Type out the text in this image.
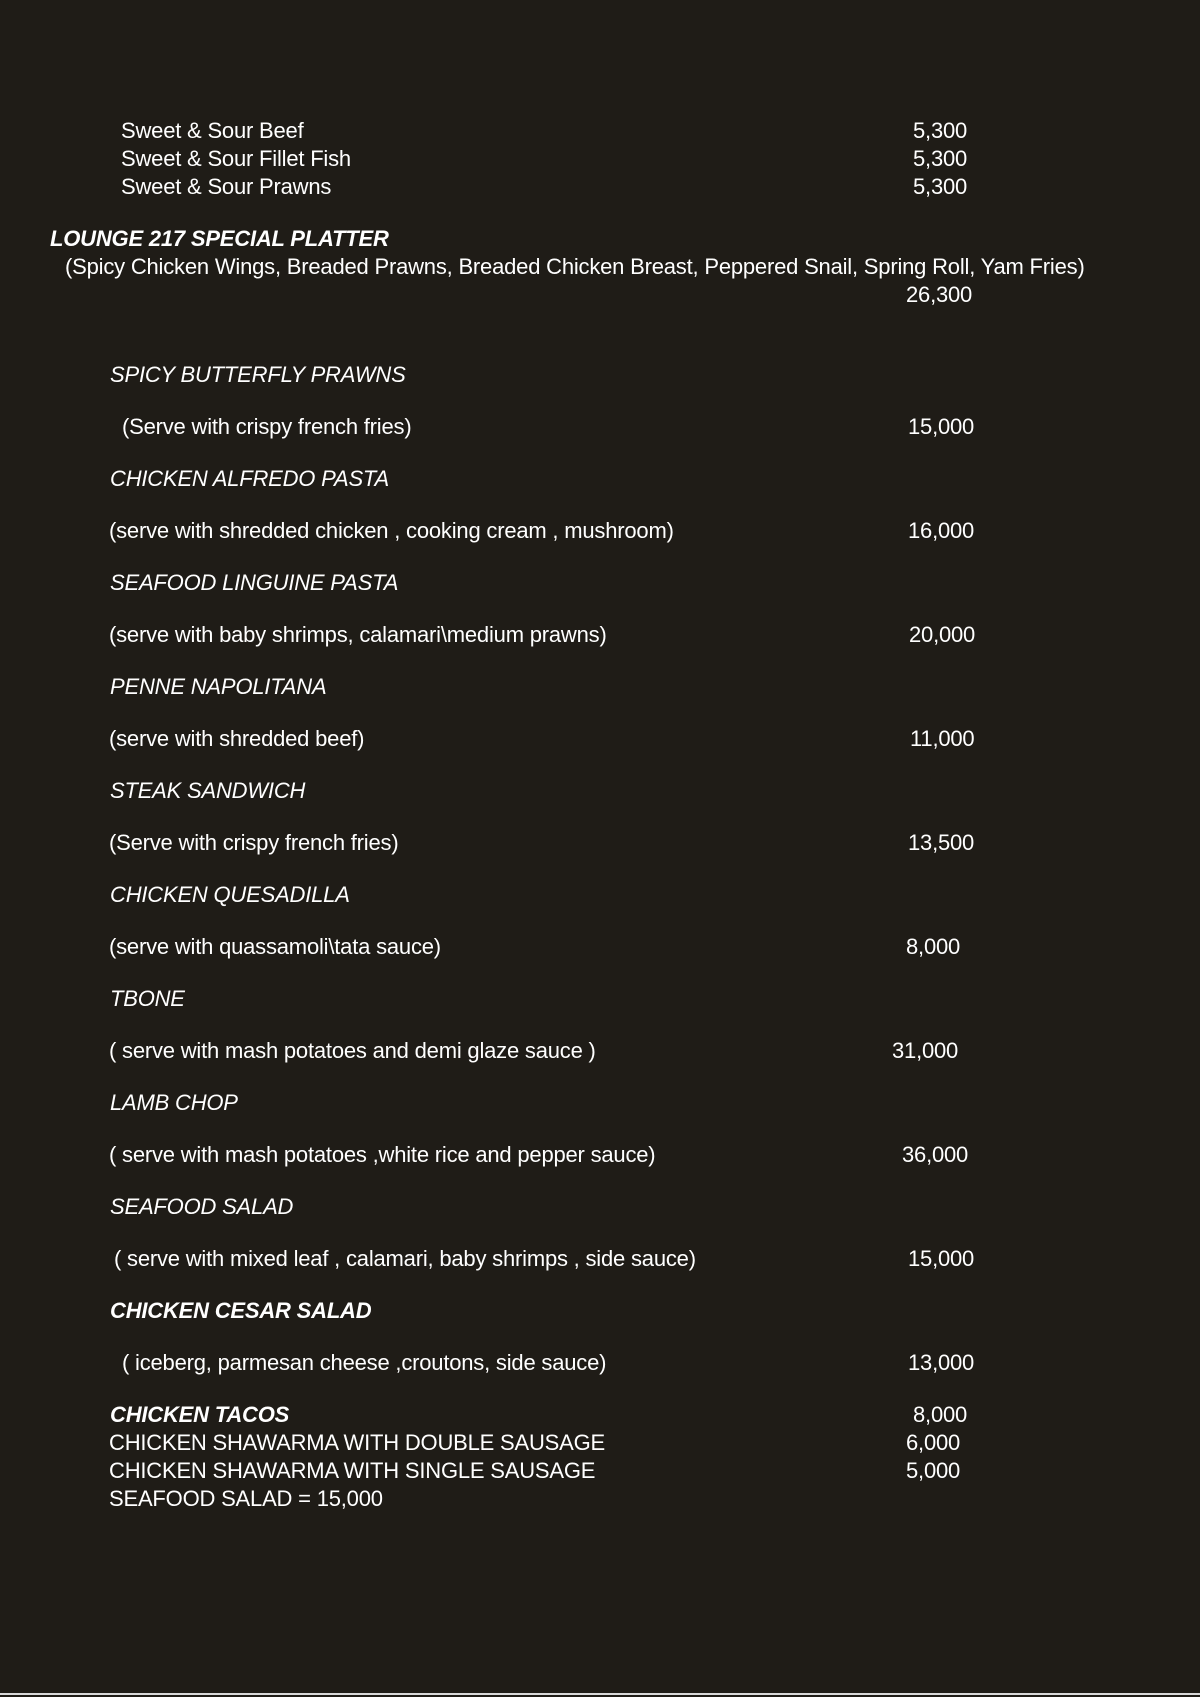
Sweet & Sour Beef	5,300
Sweet & Sour Fillet Fish	5,300
Sweet & Sour Prawns	5,300
LOUNGE 217 SPECIAL PLATTER
(Spicy Chicken Wings, Breaded Prawns, Breaded Chicken Breast, Peppered Snail, Spring Roll, Yam Fries)
26,300
SPICY BUTTERFLY PRAWNS
(Serve with crispy french fries)	15,000
CHICKEN ALFREDO PASTA
(serve with shredded chicken , cooking cream , mushroom)	16,000
SEAFOOD LINGUINE PASTA
(serve with baby shrimps, calamari\medium prawns)	20,000
PENNE NAPOLITANA
(serve with shredded beef)	11,000
STEAK SANDWICH
(Serve with crispy french fries)	13,500
CHICKEN QUESADILLA
(serve with quassamoli\tata sauce)	8,000
TBONE
( serve with mash potatoes and demi glaze sauce )	31,000
LAMB CHOP
( serve with mash potatoes ,white rice and pepper sauce)	36,000
SEAFOOD SALAD
( serve with mixed leaf , calamari, baby shrimps , side sauce)	15,000
CHICKEN CESAR SALAD
( iceberg, parmesan cheese ,croutons, side sauce)	13,000
CHICKEN TACOS	8,000
CHICKEN SHAWARMA WITH DOUBLE SAUSAGE	6,000
CHICKEN SHAWARMA WITH SINGLE SAUSAGE	5,000
SEAFOOD SALAD = 15,000
